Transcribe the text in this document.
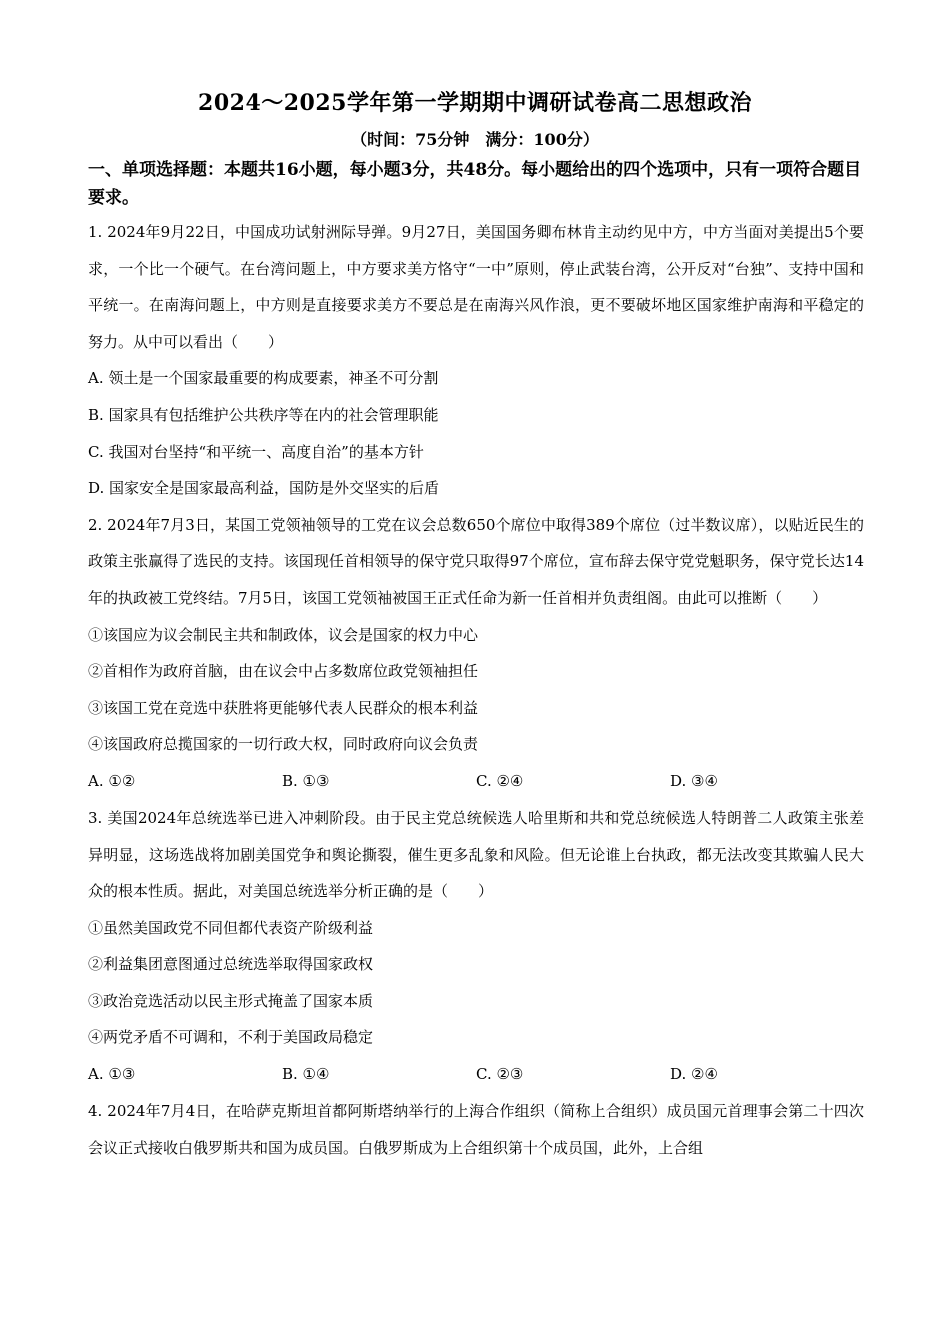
2024～2025学年第一学期期中调研试卷高二思想政治
（时间：75分钟　满分：100分）
一、单项选择题：本题共16小题，每小题3分，共48分。每小题给出的四个选项中，只有一项符合题目要求。

1. 2024年9月22日，中国成功试射洲际导弹。9月27日，美国国务卿布林肯主动约见中方，中方当面对美提出5个要求，一个比一个硬气。在台湾问题上，中方要求美方恪守“一中”原则，停止武装台湾，公开反对“台独”、支持中国和平统一。在南海问题上，中方则是直接要求美方不要总是在南海兴风作浪，更不要破坏地区国家维护南海和平稳定的努力。从中可以看出（　　）

A. 领土是一个国家最重要的构成要素，神圣不可分割

B. 国家具有包括维护公共秩序等在内的社会管理职能

C. 我国对台坚持“和平统一、高度自治”的基本方针

D. 国家安全是国家最高利益，国防是外交坚实的后盾

2. 2024年7月3日，某国工党领袖领导的工党在议会总数650个席位中取得389个席位（过半数议席），以贴近民生的政策主张赢得了选民的支持。该国现任首相领导的保守党只取得97个席位，宣布辞去保守党党魁职务，保守党长达14年的执政被工党终结。7月5日，该国工党领袖被国王正式任命为新一任首相并负责组阁。由此可以推断（　　）

①该国应为议会制民主共和制政体，议会是国家的权力中心

②首相作为政府首脑，由在议会中占多数席位政党领袖担任

③该国工党在竞选中获胜将更能够代表人民群众的根本利益

④该国政府总揽国家的一切行政大权，同时政府向议会负责

A. ①②	B. ①③	C. ②④	D. ③④

3. 美国2024年总统选举已进入冲刺阶段。由于民主党总统候选人哈里斯和共和党总统候选人特朗普二人政策主张差异明显，这场选战将加剧美国党争和舆论撕裂，催生更多乱象和风险。但无论谁上台执政，都无法改变其欺骗人民大众的根本性质。据此，对美国总统选举分析正确的是（　　）

①虽然美国政党不同但都代表资产阶级利益

②利益集团意图通过总统选举取得国家政权

③政治竞选活动以民主形式掩盖了国家本质

④两党矛盾不可调和，不利于美国政局稳定

A. ①③	B. ①④	C. ②③	D. ②④

4. 2024年7月4日，在哈萨克斯坦首都阿斯塔纳举行的上海合作组织（简称上合组织）成员国元首理事会第二十四次会议正式接收白俄罗斯共和国为成员国。白俄罗斯成为上合组织第十个成员国，此外，上合组
